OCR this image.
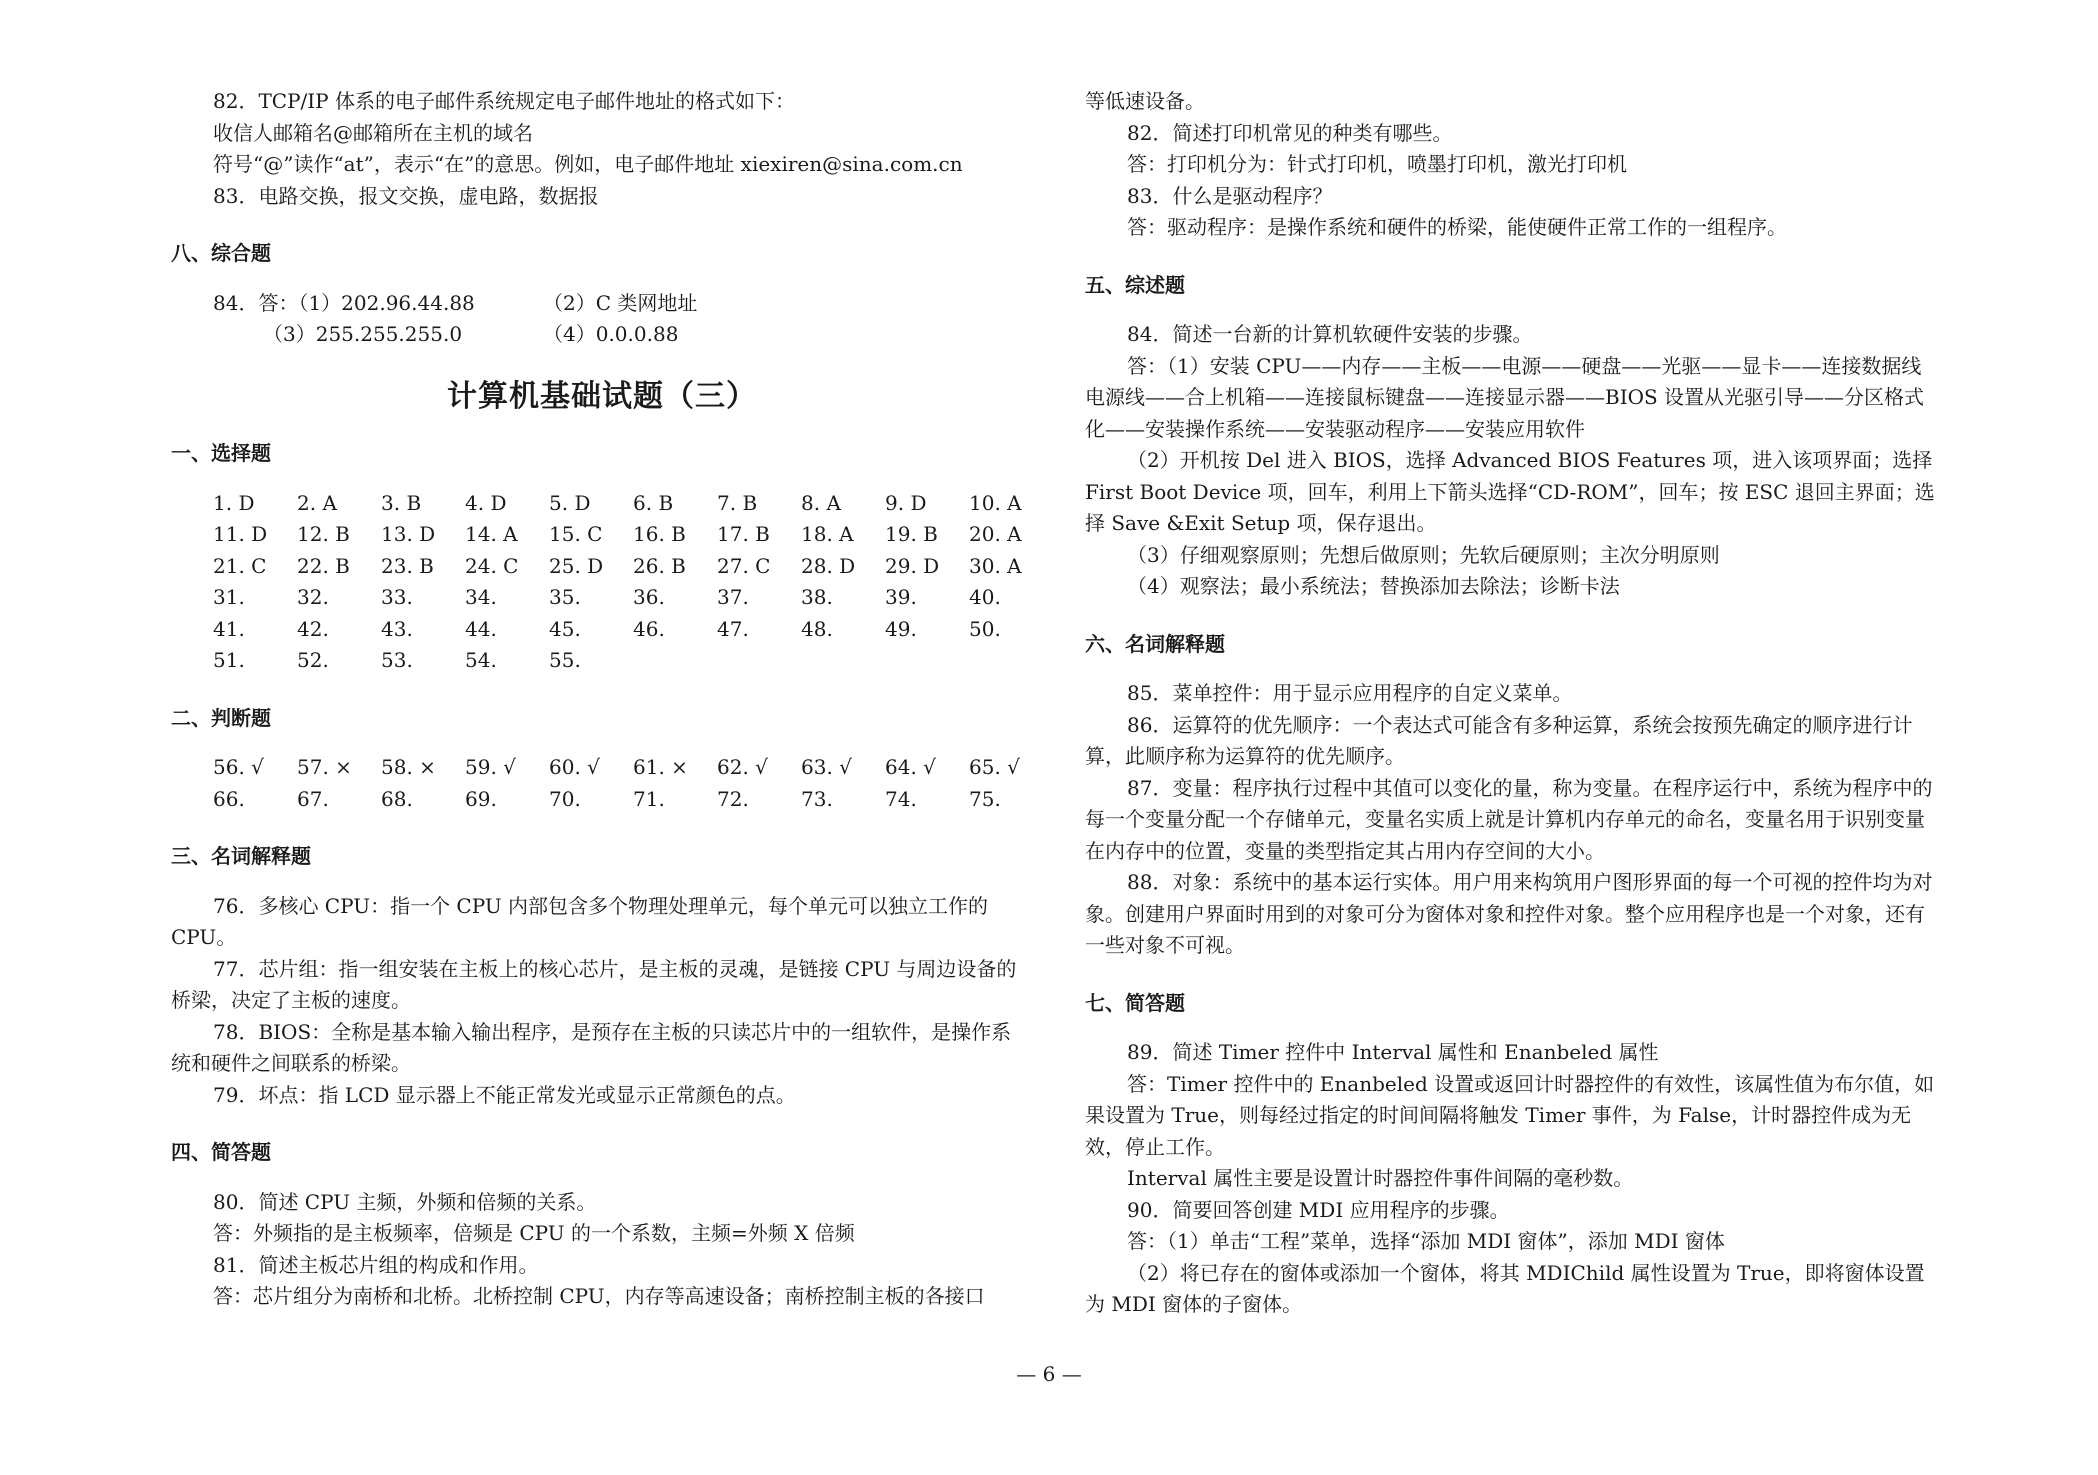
82．TCP/IP 体系的电子邮件系统规定电子邮件地址的格式如下：

收信人邮箱名@邮箱所在主机的域名

符号“@”读作“at”，表示“在”的意思。例如，电子邮件地址 xiexiren@sina.com.cn

83．电路交换，报文交换，虚电路，数据报

八、综合题
84．答：（1）202.96.44.88	（2）C 类网地址
（3）255.255.255.0	（4）0.0.0.88
计算机基础试题（三）
一、选择题
1. D	2. A	3. B	4. D	5. D	6. B	7. B	8. A	9. D	10. A
11. D	12. B	13. D	14. A	15. C	16. B	17. B	18. A	19. B	20. A
21. C	22. B	23. B	24. C	25. D	26. B	27. C	28. D	29. D	30. A
31.	32.	33.	34.	35.	36.	37.	38.	39.	40.
41.	42.	43.	44.	45.	46.	47.	48.	49.	50.
51.	52.	53.	54.	55.
二、判断题
56. √	57. ×	58. ×	59. √	60. √	61. ×	62. √	63. √	64. √	65. √
66.	67.	68.	69.	70.	71.	72.	73.	74.	75.
三、名词解释题

76．多核心 CPU：指一个 CPU 内部包含多个物理处理单元，每个单元可以独立工作的CPU。

77．芯片组：指一组安装在主板上的核心芯片，是主板的灵魂，是链接 CPU 与周边设备的桥梁，决定了主板的速度。

78．BIOS：全称是基本输入输出程序，是预存在主板的只读芯片中的一组软件，是操作系统和硬件之间联系的桥梁。

79．坏点：指 LCD 显示器上不能正常发光或显示正常颜色的点。

四、简答题

80．简述 CPU 主频，外频和倍频的关系。

答：外频指的是主板频率，倍频是 CPU 的一个系数，主频=外频 X 倍频

81．简述主板芯片组的构成和作用。

答：芯片组分为南桥和北桥。北桥控制 CPU，内存等高速设备；南桥控制主板的各接口

等低速设备。

82．简述打印机常见的种类有哪些。

答：打印机分为：针式打印机，喷墨打印机，激光打印机

83．什么是驱动程序？

答：驱动程序：是操作系统和硬件的桥梁，能使硬件正常工作的一组程序。

五、综述题

84．简述一台新的计算机软硬件安装的步骤。

答：（1）安装 CPU——内存——主板——电源——硬盘——光驱——显卡——连接数据线电源线——合上机箱——连接鼠标键盘——连接显示器——BIOS 设置从光驱引导——分区格式化——安装操作系统——安装驱动程序——安装应用软件

（2）开机按 Del 进入 BIOS，选择 Advanced BIOS Features 项，进入该项界面；选择 First Boot Device 项，回车，利用上下箭头选择“CD-ROM”，回车；按 ESC 退回主界面；选择 Save &Exit Setup 项，保存退出。

（3）仔细观察原则；先想后做原则；先软后硬原则；主次分明原则

（4）观察法；最小系统法；替换添加去除法；诊断卡法

六、名词解释题

85．菜单控件：用于显示应用程序的自定义菜单。

86．运算符的优先顺序：一个表达式可能含有多种运算，系统会按预先确定的顺序进行计算，此顺序称为运算符的优先顺序。

87．变量：程序执行过程中其值可以变化的量，称为变量。在程序运行中，系统为程序中的每一个变量分配一个存储单元，变量名实质上就是计算机内存单元的命名，变量名用于识别变量在内存中的位置，变量的类型指定其占用内存空间的大小。

88．对象：系统中的基本运行实体。用户用来构筑用户图形界面的每一个可视的控件均为对象。创建用户界面时用到的对象可分为窗体对象和控件对象。整个应用程序也是一个对象，还有一些对象不可视。

七、简答题

89．简述 Timer 控件中 Interval 属性和 Enanbeled 属性

答：Timer 控件中的 Enanbeled 设置或返回计时器控件的有效性，该属性值为布尔值，如果设置为 True，则每经过指定的时间间隔将触发 Timer 事件，为 False，计时器控件成为无效，停止工作。

Interval 属性主要是设置计时器控件事件间隔的毫秒数。

90．简要回答创建 MDI 应用程序的步骤。

答：（1）单击“工程”菜单，选择“添加 MDI 窗体”，添加 MDI 窗体

（2）将已存在的窗体或添加一个窗体，将其 MDIChild 属性设置为 True，即将窗体设置为 MDI 窗体的子窗体。

— 6 —
